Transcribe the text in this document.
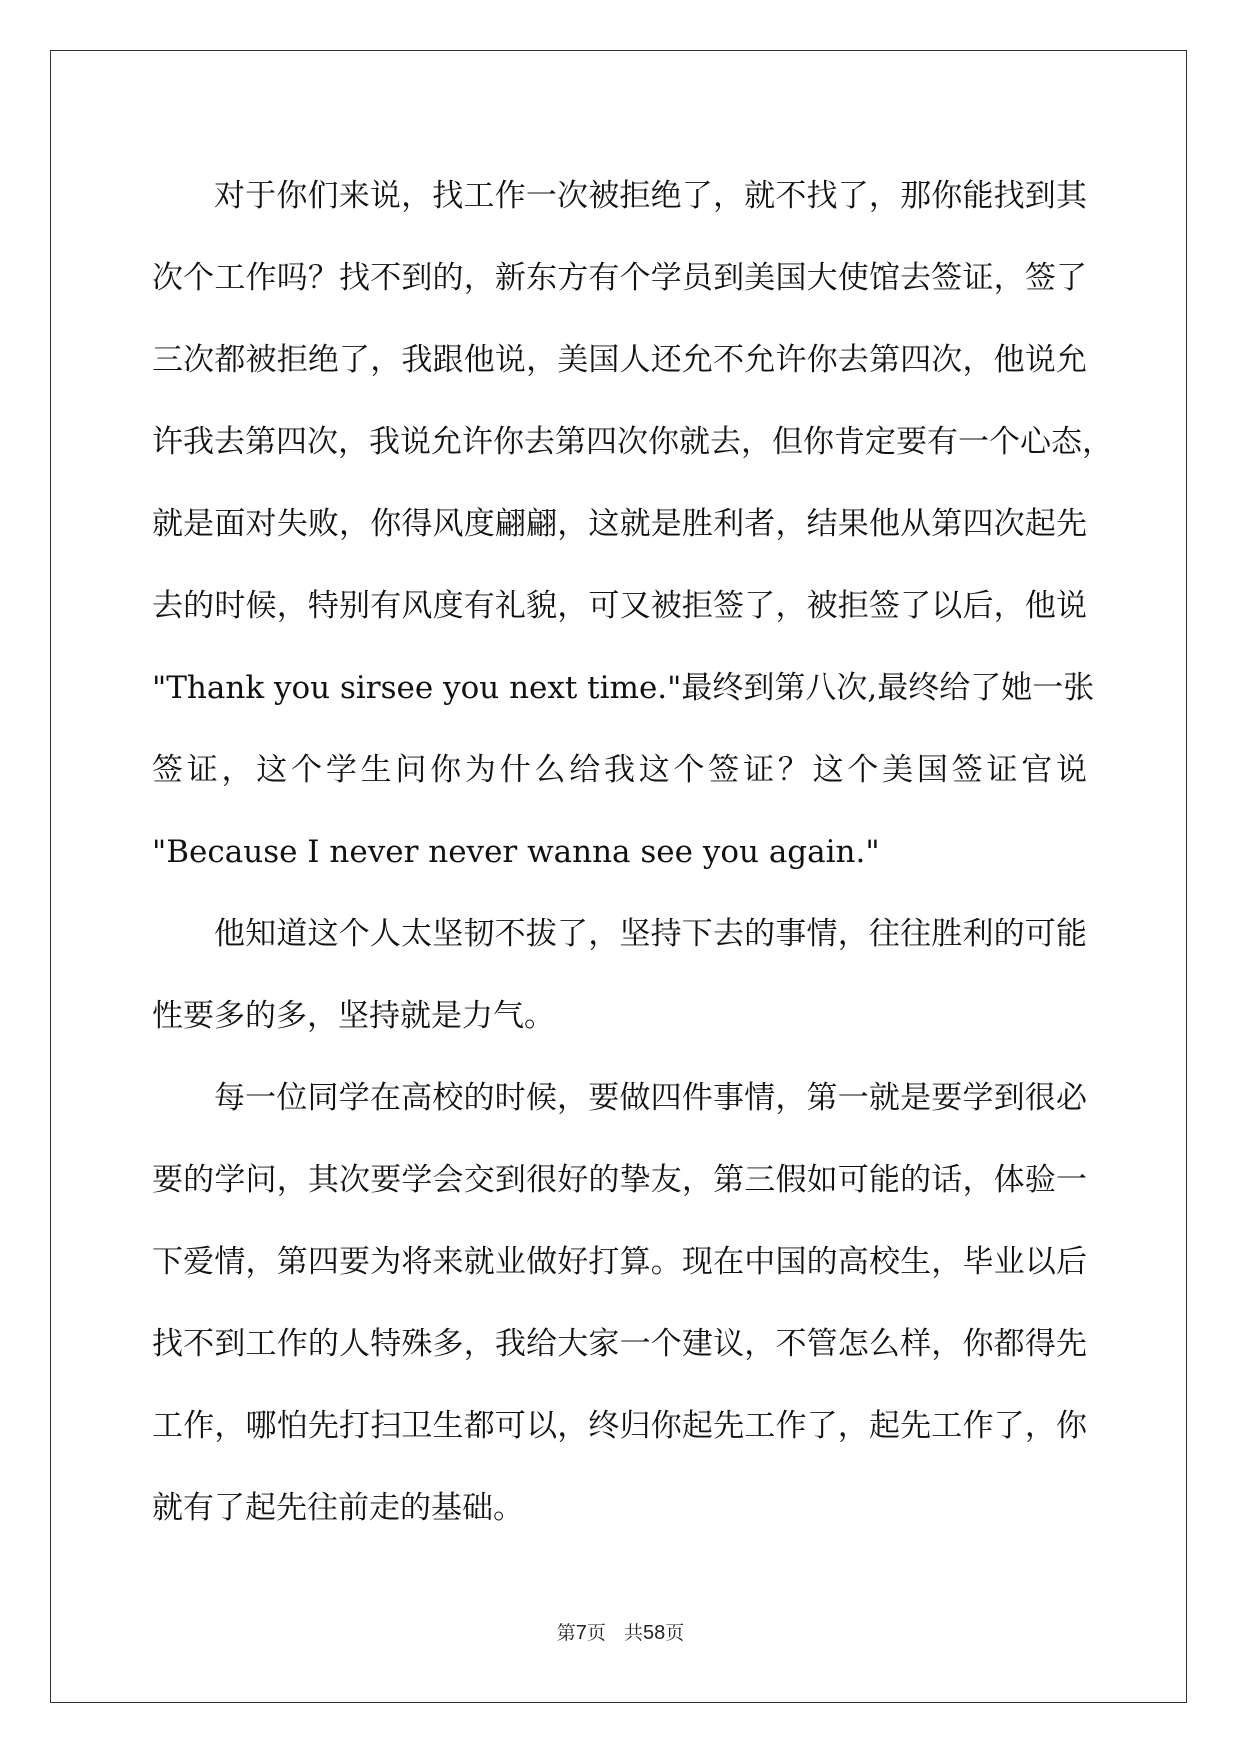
对于你们来说，找工作一次被拒绝了，就不找了，那你能找到其
次个工作吗？找不到的，新东方有个学员到美国大使馆去签证，签了
三次都被拒绝了，我跟他说，美国人还允不允许你去第四次，他说允
许我去第四次，我说允许你去第四次你就去，但你肯定要有一个心态，
就是面对失败，你得风度翩翩，这就是胜利者，结果他从第四次起先
去的时候，特别有风度有礼貌，可又被拒签了，被拒签了以后，他说
"Thank you sirsee you next time."最终到第八次,最终给了她一张
签证，这个学生问你为什么给我这个签证？这个美国签证官说
"Because I never never wanna see you again."
他知道这个人太坚韧不拔了，坚持下去的事情，往往胜利的可能
性要多的多，坚持就是力气。
每一位同学在高校的时候，要做四件事情，第一就是要学到很必
要的学问，其次要学会交到很好的挚友，第三假如可能的话，体验一
下爱情，第四要为将来就业做好打算。现在中国的高校生，毕业以后
找不到工作的人特殊多，我给大家一个建议，不管怎么样，你都得先
工作，哪怕先打扫卫生都可以，终归你起先工作了，起先工作了，你
就有了起先往前走的基础。
第7页 共58页
